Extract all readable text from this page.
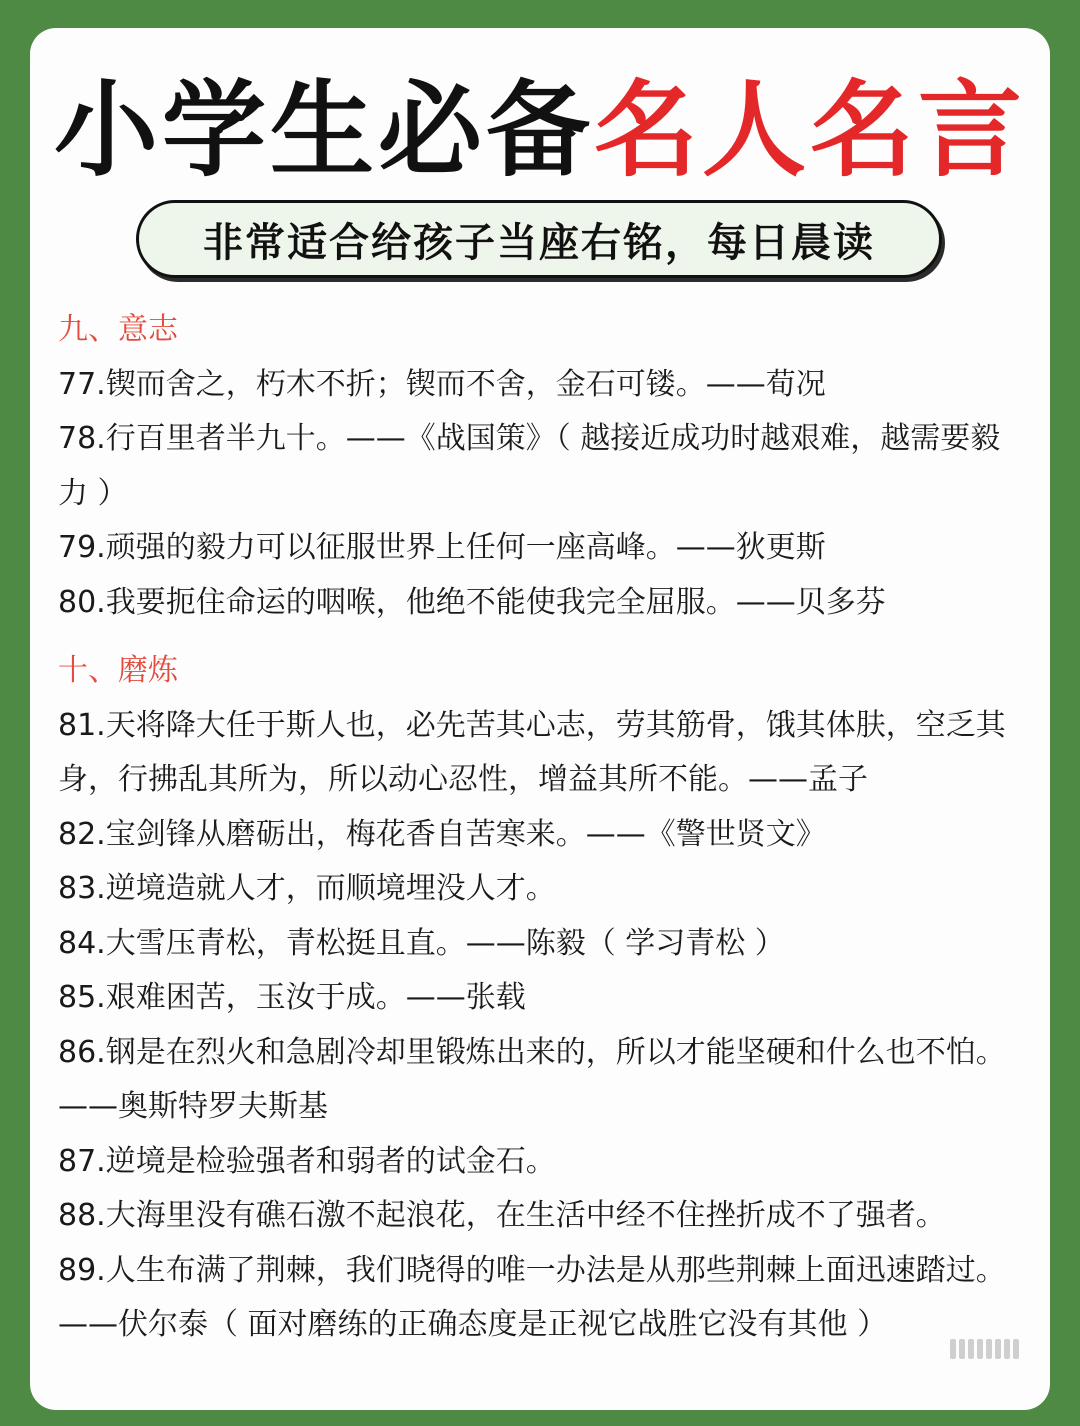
小学生必备名人名言
非常适合给孩子当座右铭，每日晨读

九、意志

77.锲而舍之，朽木不折；锲而不舍，金石可镂。——荀况

78.行百里者半九十。——《战国策》（ 越接近成功时越艰难，越需要毅力 ）

79.顽强的毅力可以征服世界上任何一座高峰。——狄更斯

80.我要扼住命运的咽喉，他绝不能使我完全屈服。——贝多芬

十、磨炼

81.天将降大任于斯人也，必先苦其心志，劳其筋骨，饿其体肤，空乏其身，行拂乱其所为，所以动心忍性，增益其所不能。——孟子

82.宝剑锋从磨砺出，梅花香自苦寒来。——《警世贤文》

83.逆境造就人才，而顺境埋没人才。

84.大雪压青松，青松挺且直。——陈毅（ 学习青松 ）

85.艰难困苦，玉汝于成。——张载

86.钢是在烈火和急剧冷却里锻炼出来的，所以才能坚硬和什么也不怕。——奥斯特罗夫斯基

87.逆境是检验强者和弱者的试金石。

88.大海里没有礁石激不起浪花，在生活中经不住挫折成不了强者。

89.人生布满了荆棘，我们晓得的唯一办法是从那些荆棘上面迅速踏过。——伏尔泰（ 面对磨练的正确态度是正视它战胜它没有其他 ）
